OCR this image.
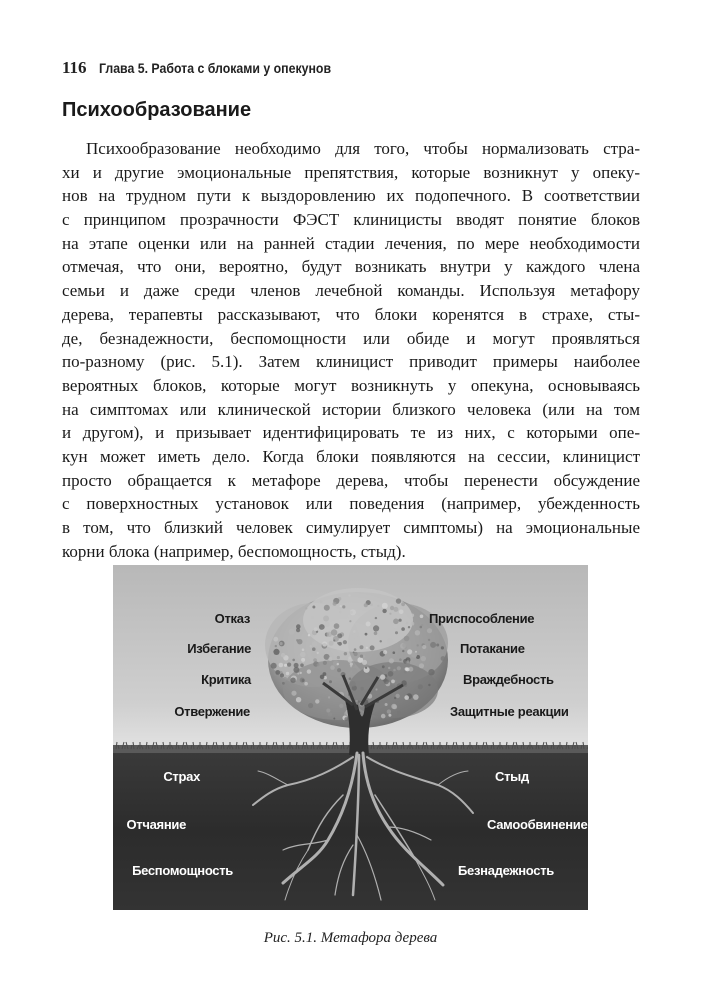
116 Глава 5. Работа с блоками у опекунов
Психообразование
Психообразование необходимо для того, чтобы нормализовать стра-
хи и другие эмоциональные препятствия, которые возникнут у опеку-
нов на трудном пути к выздоровлению их подопечного. В соответствии
с принципом прозрачности ФЭСТ клиницисты вводят понятие блоков
на этапе оценки или на ранней стадии лечения, по мере необходимости
отмечая, что они, вероятно, будут возникать внутри у каждого члена
семьи и даже среди членов лечебной команды. Используя метафору
дерева, терапевты рассказывают, что блоки коренятся в страхе, сты-
де, безнадежности, беспомощности или обиде и могут проявляться
по-разному (рис. 5.1). Затем клиницист приводит примеры наиболее
вероятных блоков, которые могут возникнуть у опекуна, основываясь
на симптомах или клинической истории близкого человека (или на том
и другом), и призывает идентифицировать те из них, с которыми опе-
кун может иметь дело. Когда блоки появляются на сессии, клиницист
просто обращается к метафоре дерева, чтобы перенести обсуждение
с поверхностных установок или поведения (например, убежденность
в том, что близкий человек симулирует симптомы) на эмоциональные
корни блока (например, беспомощность, стыд).
Отказ
Избегание
Критика
Отвержение
Приспособление
Потакание
Враждебность
Защитные реакции
Страх
Отчаяние
Беспомощность
Стыд
Самообвинение
Безнадежность
Рис. 5.1. Метафора дерева
